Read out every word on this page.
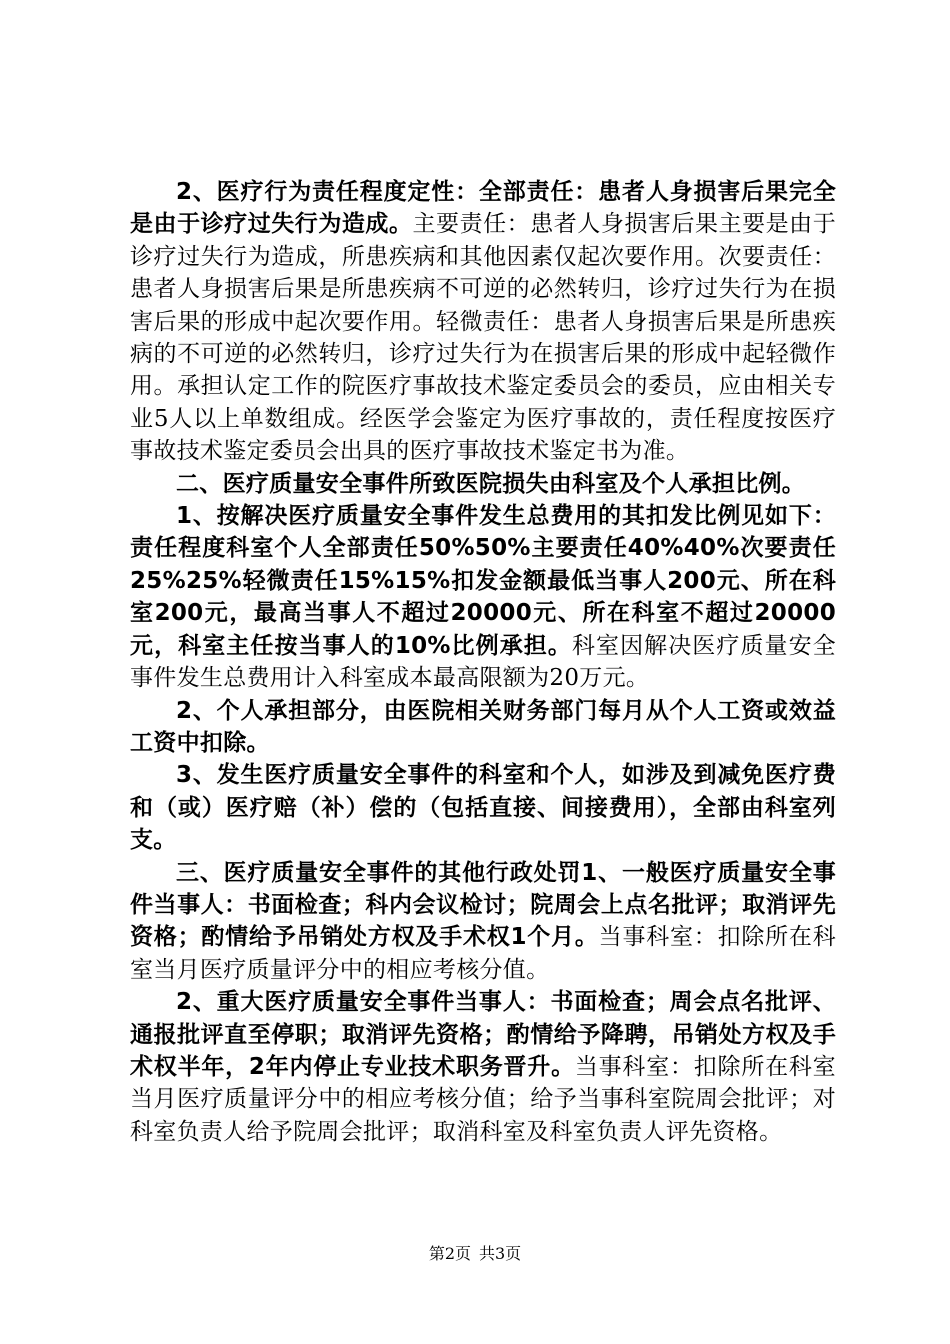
2、医疗行为责任程度定性：全部责任：患者人身损害后果完全是由于诊疗过失行为造成。主要责任：患者人身损害后果主要是由于诊疗过失行为造成，所患疾病和其他因素仅起次要作用。次要责任：患者人身损害后果是所患疾病不可逆的必然转归，诊疗过失行为在损害后果的形成中起次要作用。轻微责任：患者人身损害后果是所患疾病的不可逆的必然转归，诊疗过失行为在损害后果的形成中起轻微作用。承担认定工作的院医疗事故技术鉴定委员会的委员，应由相关专业5人以上单数组成。经医学会鉴定为医疗事故的，责任程度按医疗事故技术鉴定委员会出具的医疗事故技术鉴定书为准。

二、医疗质量安全事件所致医院损失由科室及个人承担比例。

1、按解决医疗质量安全事件发生总费用的其扣发比例见如下：责任程度科室个人全部责任50%50%主要责任40%40%次要责任25%25%轻微责任15%15%扣发金额最低当事人200元、所在科室200元，最高当事人不超过20000元、所在科室不超过20000元，科室主任按当事人的10%比例承担。科室因解决医疗质量安全事件发生总费用计入科室成本最高限额为20万元。

2、个人承担部分，由医院相关财务部门每月从个人工资或效益工资中扣除。

3、发生医疗质量安全事件的科室和个人，如涉及到减免医疗费和（或）医疗赔（补）偿的（包括直接、间接费用），全部由科室列支。

三、医疗质量安全事件的其他行政处罚1、一般医疗质量安全事件当事人：书面检查；科内会议检讨；院周会上点名批评；取消评先资格；酌情给予吊销处方权及手术权1个月。当事科室：扣除所在科室当月医疗质量评分中的相应考核分值。

2、重大医疗质量安全事件当事人：书面检查；周会点名批评、通报批评直至停职；取消评先资格；酌情给予降聘，吊销处方权及手术权半年，2年内停止专业技术职务晋升。当事科室：扣除所在科室当月医疗质量评分中的相应考核分值；给予当事科室院周会批评；对科室负责人给予院周会批评；取消科室及科室负责人评先资格。

第2页 共3页
